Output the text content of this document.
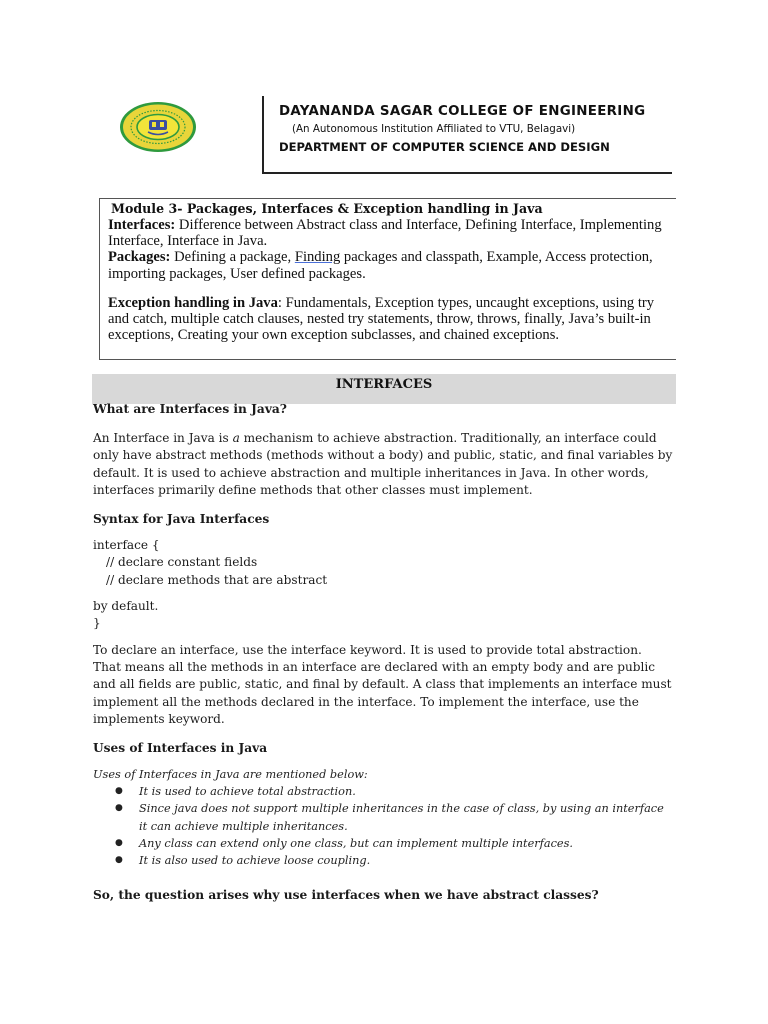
DAYANANDA SAGAR COLLEGE OF ENGINEERING
(An Autonomous Institution Affiliated to VTU, Belagavi)
DEPARTMENT OF COMPUTER SCIENCE AND DESIGN
Module 3- Packages, Interfaces & Exception handling in Java

Interfaces: Difference between Abstract class and Interface, Defining Interface, Implementing Interface, Interface in Java.

Packages: Defining a package, Finding packages and classpath, Example, Access protection, importing packages, User defined packages.

Exception handling in Java: Fundamentals, Exception types, uncaught exceptions, using try and catch, multiple catch clauses, nested try statements, throw, throws, finally, Java’s built-in exceptions, Creating your own exception subclasses, and chained exceptions.

INTERFACES
What are Interfaces in Java?

An Interface in Java is a mechanism to achieve abstraction. Traditionally, an interface could only have abstract methods (methods without a body) and public, static, and final variables by default. It is used to achieve abstraction and multiple inheritances in Java. In other words, interfaces primarily define methods that other classes must implement.

Syntax for Java Interfaces
interface {
// declare constant fields
// declare methods that are abstract
by default.
}

To declare an interface, use the interface keyword. It is used to provide total abstraction. That means all the methods in an interface are declared with an empty body and are public and all fields are public, static, and final by default. A class that implements an interface must implement all the methods declared in the interface. To implement the interface, use the implements keyword.

Uses of Interfaces in Java
Uses of Interfaces in Java are mentioned below:
● It is used to achieve total abstraction.
● Since java does not support multiple inheritances in the case of class, by using an interface it can achieve multiple inheritances.
● Any class can extend only one class, but can implement multiple interfaces.
● It is also used to achieve loose coupling.
So, the question arises why use interfaces when we have abstract classes?
